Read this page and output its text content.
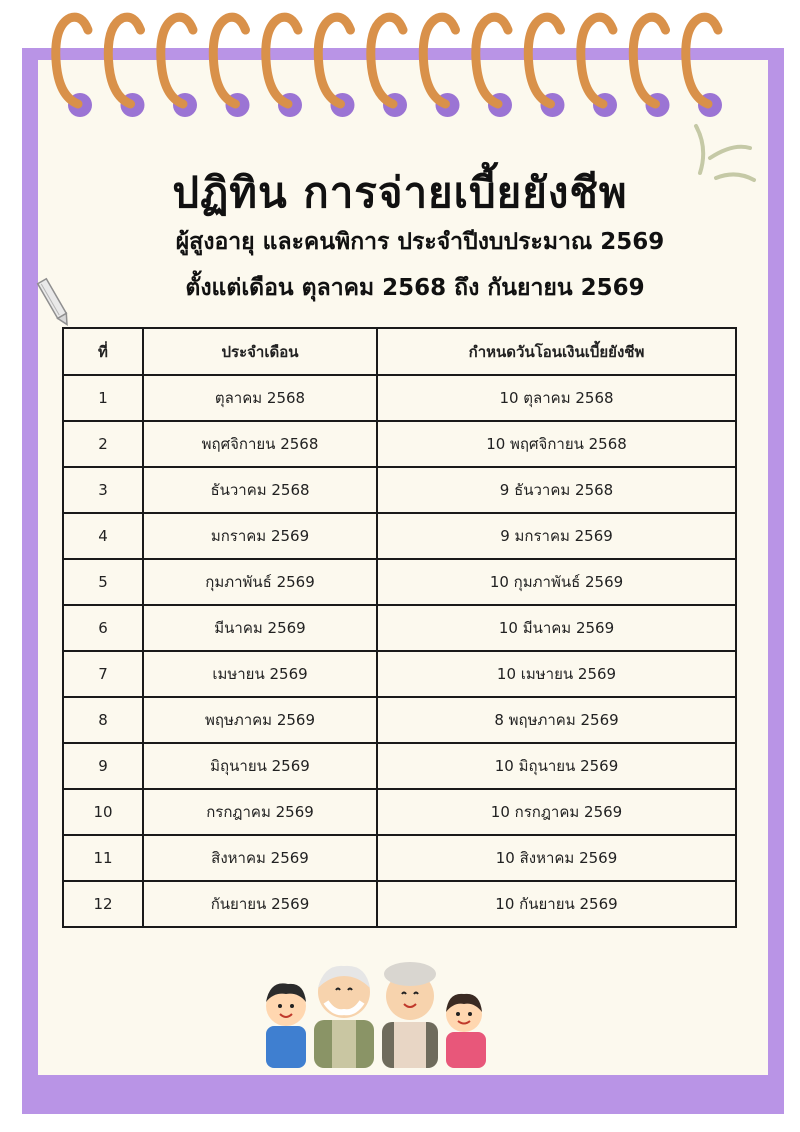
ปฏิทิน การจ่ายเบี้ยยังชีพ
ผู้สูงอายุ และคนพิการ ประจำปีงบประมาณ 2569
ตั้งแต่เดือน ตุลาคม 2568 ถึง กันยายน 2569
ที่	ประจำเดือน	กำหนดวันโอนเงินเบี้ยยังชีพ
1	ตุลาคม 2568	10 ตุลาคม 2568
2	พฤศจิกายน 2568	10 พฤศจิกายน 2568
3	ธันวาคม 2568	9 ธันวาคม 2568
4	มกราคม 2569	9 มกราคม 2569
5	กุมภาพันธ์ 2569	10 กุมภาพันธ์ 2569
6	มีนาคม 2569	10 มีนาคม 2569
7	เมษายน 2569	10 เมษายน 2569
8	พฤษภาคม 2569	8 พฤษภาคม 2569
9	มิถุนายน 2569	10 มิถุนายน 2569
10	กรกฎาคม 2569	10 กรกฎาคม 2569
11	สิงหาคม 2569	10 สิงหาคม 2569
12	กันยายน 2569	10 กันยายน 2569
